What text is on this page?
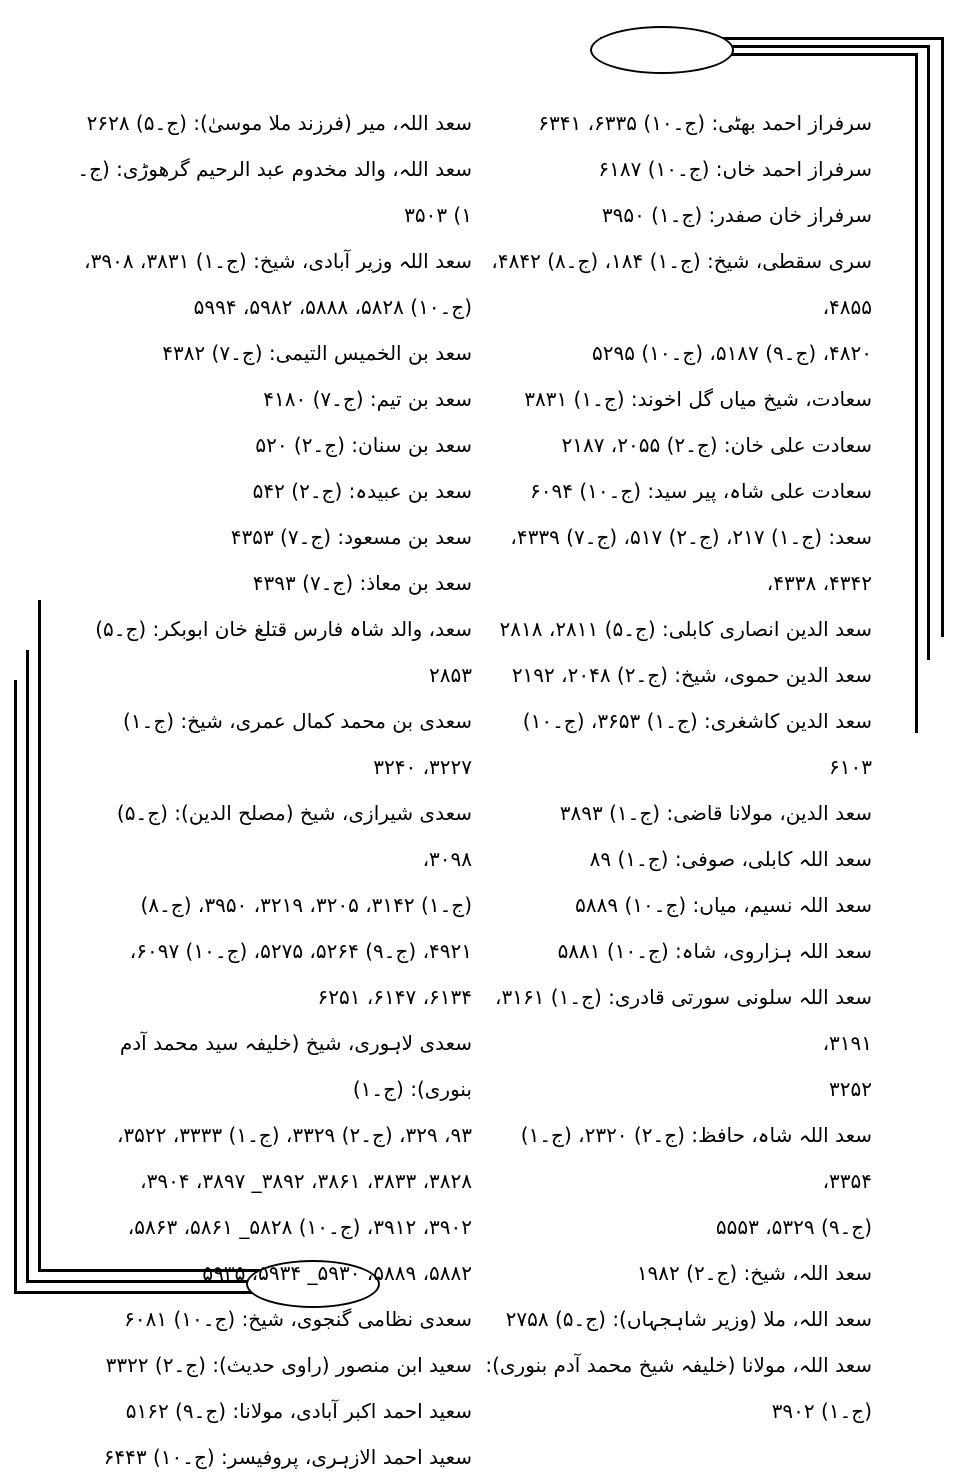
سرفراز احمد بھٹی: (ج۔۱۰) ۶۳۳۵، ۶۳۴۱
سرفراز احمد خاں: (ج۔۱۰) ۶۱۸۷
سرفراز خان صفدر: (ج۔۱) ۳۹۵۰
سری سقطی، شیخ: (ج۔۱) ۱۸۴، (ج۔۸) ۴۸۴۲، ۴۸۵۵،
۴۸۲۰، (ج۔۹) ۵۱۸۷، (ج۔۱۰) ۵۲۹۵
سعادت، شیخ میاں گل اخوند: (ج۔۱) ۳۸۳۱
سعادت علی خان: (ج۔۲) ۲۰۵۵، ۲۱۸۷
سعادت علی شاہ، پیر سید: (ج۔۱۰) ۶۰۹۴
سعد: (ج۔۱) ۲۱۷، (ج۔۲) ۵۱۷، (ج۔۷) ۴۳۳۹،
۴۳۴۲، ۴۳۳۸،
سعد الدین انصاری کابلی: (ج۔۵) ۲۸۱۱، ۲۸۱۸
سعد الدین حموی، شیخ: (ج۔۲) ۲۰۴۸، ۲۱۹۲
سعد الدین کاشغری: (ج۔۱) ۳۶۵۳، (ج۔۱۰) ۶۱۰۳
سعد الدین، مولانا قاضی: (ج۔۱) ۳۸۹۳
سعد اللہ کابلی، صوفی: (ج۔۱) ۸۹
سعد اللہ نسیم، میاں: (ج۔۱۰) ۵۸۸۹
سعد اللہ ہزاروی، شاہ: (ج۔۱۰) ۵۸۸۱
سعد اللہ سلونی سورتی قادری: (ج۔۱) ۳۱۶۱، ۳۱۹۱،
۳۲۵۲
سعد اللہ شاہ، حافظ: (ج۔۲) ۲۳۲۰، (ج۔۱) ۳۳۵۴،
(ج۔۹) ۵۳۲۹، ۵۵۵۳
سعد اللہ، شیخ: (ج۔۲) ۱۹۸۲
سعد اللہ، ملا (وزیر شاہجہاں): (ج۔۵) ۲۷۵۸
سعد اللہ، مولانا (خلیفہ شیخ محمد آدم بنوری): (ج۔۱) ۳۹۰۲
سعد اللہ، میر (فرزند ملا موسیٰ): (ج۔۵) ۲۶۲۸
سعد اللہ، والد مخدوم عبد الرحیم گرھوڑی: (ج۔۱) ۳۵۰۳
سعد اللہ وزیر آبادی، شیخ: (ج۔۱) ۳۸۳۱، ۳۹۰۸،
(ج۔۱۰) ۵۸۲۸، ۵۸۸۸، ۵۹۸۲، ۵۹۹۴
سعد بن الخمیس التیمی: (ج۔۷) ۴۳۸۲
سعد بن تیم: (ج۔۷) ۴۱۸۰
سعد بن سنان: (ج۔۲) ۵۲۰
سعد بن عبیدہ: (ج۔۲) ۵۴۲
سعد بن مسعود: (ج۔۷) ۴۳۵۳
سعد بن معاذ: (ج۔۷) ۴۳۹۳
سعد، والد شاہ فارس قتلغ خان ابوبکر: (ج۔۵) ۲۸۵۳
سعدی بن محمد کمال عمری، شیخ: (ج۔۱) ۳۲۲۷، ۳۲۴۰
سعدی شیرازی، شیخ (مصلح الدین): (ج۔۵) ۳۰۹۸،
(ج۔۱) ۳۱۴۲، ۳۲۰۵، ۳۲۱۹، ۳۹۵۰، (ج۔۸)
۴۹۲۱، (ج۔۹) ۵۲۶۴، ۵۲۷۵، (ج۔۱۰) ۶۰۹۷،
۶۱۳۴، ۶۱۴۷، ۶۲۵۱
سعدی لاہوری، شیخ (خلیفہ سید محمد آدم بنوری): (ج۔۱)
۹۳، ۳۲۹، (ج۔۲) ۳۳۲۹، (ج۔۱) ۳۳۳۳، ۳۵۲۲،
۳۸۲۸، ۳۸۳۳، ۳۸۶۱، ۳۸۹۲_ ۳۸۹۷، ۳۹۰۴،
۳۹۰۲، ۳۹۱۲، (ج۔۱۰) ۵۸۲۸_ ۵۸۶۱، ۵۸۶۳،
۵۸۸۲، ۵۸۸۹، ۵۹۳۰_ ۵۹۳۴، ۵۹۳۵
سعدی نظامی گنجوی، شیخ: (ج۔۱۰) ۶۰۸۱
سعید ابن منصور (راوی حدیث): (ج۔۲) ۳۳۲۲
سعید احمد اکبر آبادی، مولانا: (ج۔۹) ۵۱۶۲
سعید احمد الازہری، پروفیسر: (ج۔۱۰) ۶۴۴۳
